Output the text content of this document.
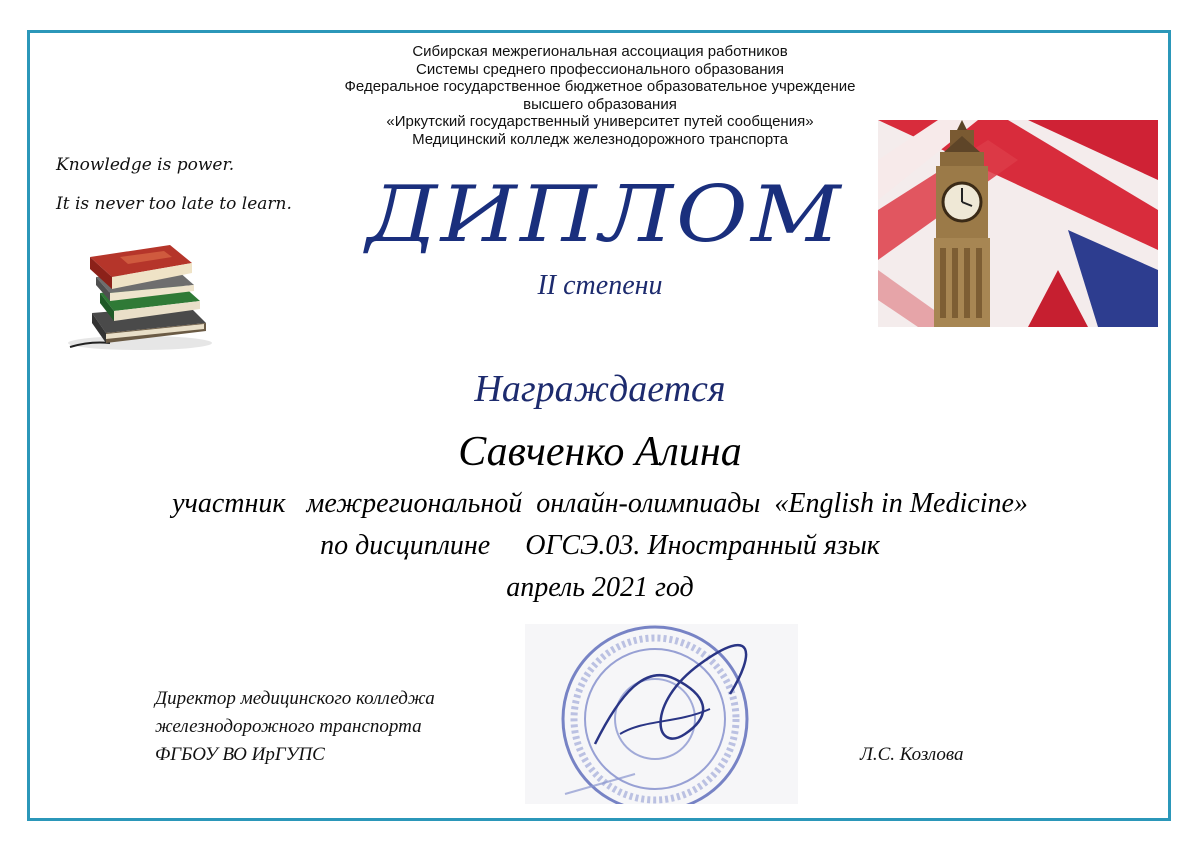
Сибирская межрегиональная ассоциация работников
Системы среднего профессионального образования
Федеральное государственное бюджетное образовательное учреждение
высшего образования
«Иркутский государственный университет путей сообщения»
Медицинский колледж железнодорожного транспорта
Knowledge is power.
It is never too late to learn. ДИПЛОМ
II степени
Награждается
Савченко Алина
участник   межрегиональной  онлайн-олимпиады  «English in Medicine»
по дисциплине     ОГСЭ.03. Иностранный язык
апрель 2021 год
Директор медицинского колледжа
железнодорожного транспорта
ФГБОУ ВО ИрГУПС	Л.С. Козлова
